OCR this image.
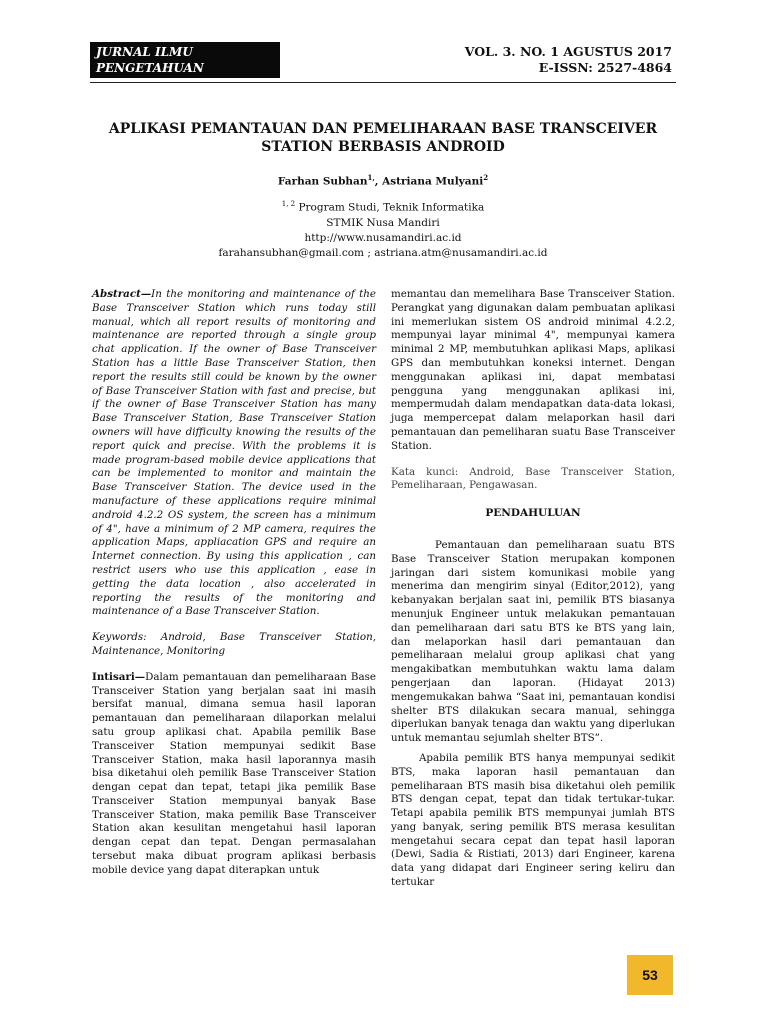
JURNAL ILMU PENGETAHUAN
DAN TEKNOLOGI KOMPUTER
VOL. 3. NO. 1 AGUSTUS 2017
E-ISSN: 2527-4864
APLIKASI PEMANTAUAN DAN PEMELIHARAAN BASE TRANSCEIVER
STATION BERBASIS ANDROID
Farhan Subhan$^{1,}$, Astriana Mulyani$^2$
$^{1, 2}$ Program Studi, Teknik Informatika
STMIK Nusa Mandiri
http://www.nusamandiri.ac.id
farahansubhan@gmail.com ; astriana.atm@nusamandiri.ac.id

Abstract—In the monitoring and maintenance of the Base Transceiver Station which runs today still manual, which all report results of monitoring and maintenance are reported through a single group chat application. If the owner of Base Transceiver Station has a little Base Transceiver Station, then report the results still could be known by the owner of Base Transceiver Station with fast and precise, but if the owner of Base Transceiver Station has many Base Transceiver Station, Base Transceiver Station owners will have difficulty knowing the results of the report quick and precise. With the problems it is made program-based mobile device applications that can be implemented to monitor and maintain the Base Transceiver Station. The device used in the manufacture of these applications require minimal android 4.2.2 OS system, the screen has a minimum of 4", have a minimum of 2 MP camera, requires the application Maps, appliacation GPS and require an Internet connection. By using this application , can restrict users who use this application , ease in getting the data location , also accelerated in reporting the results of the monitoring and maintenance of a Base Transceiver Station.

Keywords: Android, Base Transceiver Station, Maintenance, Monitoring

Intisari—Dalam pemantauan dan pemeliharaan Base Transceiver Station yang berjalan saat ini masih bersifat manual, dimana semua hasil laporan pemantauan dan pemeliharaan dilaporkan melalui satu group aplikasi chat. Apabila pemilik Base Transceiver Station mempunyai sedikit Base Transceiver Station, maka hasil laporannya masih bisa diketahui oleh pemilik Base Transceiver Station dengan cepat dan tepat, tetapi jika pemilik Base Transceiver Station mempunyai banyak Base Transceiver Station, maka pemilik Base Transceiver Station akan kesulitan mengetahui hasil laporan dengan cepat dan tepat. Dengan permasalahan tersebut maka dibuat program aplikasi berbasis mobile device yang dapat diterapkan untuk

memantau dan memelihara Base Transceiver Station. Perangkat yang digunakan dalam pembuatan aplikasi ini memerlukan sistem OS android minimal 4.2.2, mempunyai layar minimal 4", mempunyai kamera minimal 2 MP, membutuhkan aplikasi Maps, aplikasi GPS dan membutuhkan koneksi internet. Dengan menggunakan aplikasi ini, dapat membatasi pengguna yang menggunakan aplikasi ini, mempermudah dalam mendapatkan data-data lokasi, juga mempercepat dalam melaporkan hasil dari pemantauan dan pemeliharan suatu Base Transceiver Station.

Kata kunci: Android, Base Transceiver Station, Pemeliharaan, Pengawasan.

PENDAHULUAN

Pemantauan dan pemeliharaan suatu BTS Base Transceiver Station merupakan komponen jaringan dari sistem komunikasi mobile yang menerima dan mengirim sinyal (Editor,2012), yang kebanyakan berjalan saat ini, pemilik BTS biasanya menunjuk Engineer untuk melakukan pemantauan dan pemeliharaan dari satu BTS ke BTS yang lain, dan melaporkan hasil dari pemantauan dan pemeliharaan melalui group aplikasi chat yang mengakibatkan membutuhkan waktu lama dalam pengerjaan dan laporan. (Hidayat 2013) mengemukakan bahwa “Saat ini, pemantauan kondisi shelter BTS dilakukan secara manual, sehingga diperlukan banyak tenaga dan waktu yang diperlukan untuk memantau sejumlah shelter BTS”.

Apabila pemilik BTS hanya mempunyai sedikit BTS, maka laporan hasil pemantauan dan pemeliharaan BTS masih bisa diketahui oleh pemilik BTS dengan cepat, tepat dan tidak tertukar-tukar. Tetapi apabila pemilik BTS mempunyai jumlah BTS yang banyak, sering pemilik BTS merasa kesulitan mengetahui secara cepat dan tepat hasil laporan (Dewi, Sadia & Ristiati, 2013) dari Engineer, karena data yang didapat dari Engineer sering keliru dan tertukar

53
